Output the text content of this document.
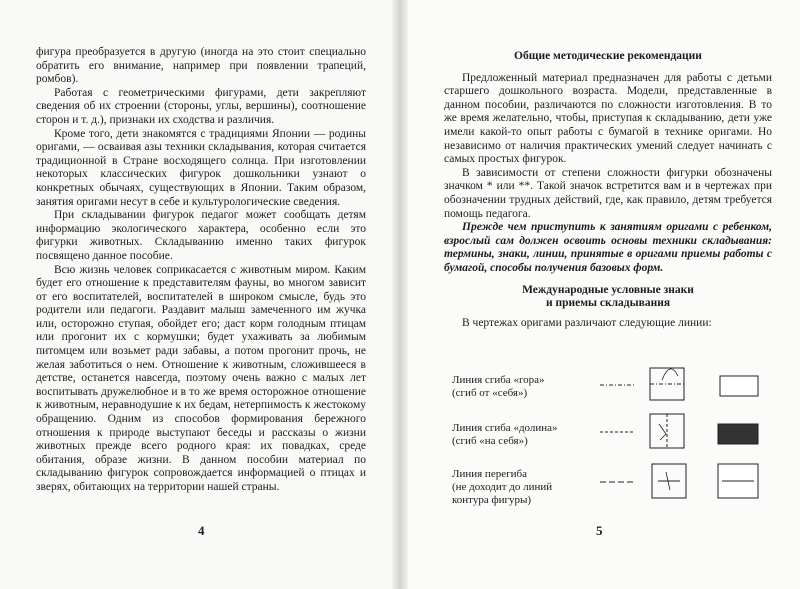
фигура преобразуется в другую (иногда на это стоит специально обратить его внимание, например при появлении трапеций, ромбов).

Работая с геометрическими фигурами, дети закрепляют сведения об их строении (стороны, углы, вершины), соотношение сторон и т. д.), признаки их сходства и различия.

Кроме того, дети знакомятся с традициями Японии — родины оригами, — осваивая азы техники складывания, которая считается традиционной в Стране восходящего солнца. При изготовлении некоторых классических фигурок дошкольники узнают о конкретных обычаях, существующих в Японии. Таким образом, занятия оригами несут в себе и культурологические сведения.

При складывании фигурок педагог может сообщать детям информацию экологического характера, особенно если это фигурки животных. Складыванию именно таких фигурок посвящено данное пособие.

Всю жизнь человек соприкасается с животным миром. Каким будет его отношение к представителям фауны, во многом зависит от его воспитателей, воспитателей в широком смысле, будь это родители или педагоги. Раздавит малыш замеченного им жучка или, осторожно ступая, обойдет его; даст корм голодным птицам или прогонит их с кормушки; будет ухаживать за любимым питомцем или возьмет ради забавы, а потом прогонит прочь, не желая заботиться о нем. Отношение к животным, сложившееся в детстве, останется навсегда, поэтому очень важно с малых лет воспитывать дружелюбное и в то же время осторожное отношение к животным, неравнодушие к их бедам, нетерпимость к жестокому обращению. Одним из способов формирования бережного отношения к природе выступают беседы и рассказы о жизни животных прежде всего родного края: их повадках, среде обитания, образе жизни. В данном пособии материал по складыванию фигурок сопровождается информацией о птицах и зверях, обитающих на территории нашей страны.

4
Общие методические рекомендации

Предложенный материал предназначен для работы с детьми старшего дошкольного возраста. Модели, представленные в данном пособии, различаются по сложности изготовления. В то же время желательно, чтобы, приступая к складыванию, дети уже имели какой-то опыт работы с бумагой в технике оригами. Но независимо от наличия практических умений следует начинать с самых простых фигурок.

В зависимости от степени сложности фигурки обозначены значком * или **. Такой значок встретится вам и в чертежах при обозначении трудных действий, где, как правило, детям требуется помощь педагога.

Прежде чем приступить к занятиям оригами с ребенком, взрослый сам должен освоить основы техники складывания: термины, знаки, линии, принятые в оригами приемы работы с бумагой, способы получения базовых форм.

Международные условные знаки
и приемы складывания

В чертежах оригами различают следующие линии:

Линия сгиба «гора»
(сгиб от «себя»)
Линия сгиба «долина»
(сгиб «на себя»)
Линия перегиба
(не доходит до линий
контура фигуры)
5
